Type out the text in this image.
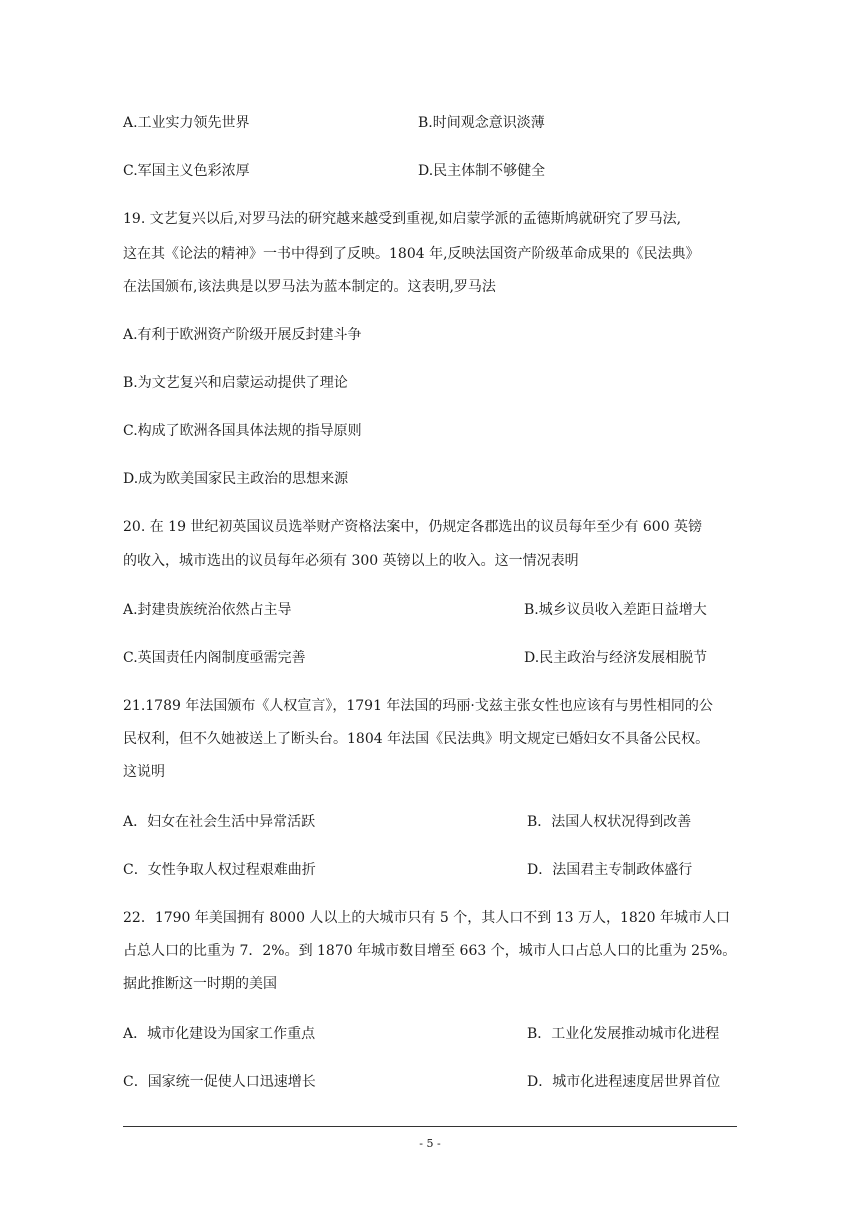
A.工业实力领先世界	B.时间观念意识淡薄
C.军国主义色彩浓厚	D.民主体制不够健全
19. 文艺复兴以后,对罗马法的研究越来越受到重视,如启蒙学派的孟德斯鸠就研究了罗马法,
这在其《论法的精神》一书中得到了反映。1804 年,反映法国资产阶级革命成果的《民法典》
在法国颁布,该法典是以罗马法为蓝本制定的。这表明,罗马法
A.有利于欧洲资产阶级开展反封建斗争
B.为文艺复兴和启蒙运动提供了理论
C.构成了欧洲各国具体法规的指导原则
D.成为欧美国家民主政治的思想来源
20. 在 19 世纪初英国议员选举财产资格法案中，仍规定各郡选出的议员每年至少有 600 英镑
的收入，城市选出的议员每年必须有 300 英镑以上的收入。这一情况表明
A.封建贵族统治依然占主导	B.城乡议员收入差距日益增大
C.英国责任内阁制度亟需完善	D.民主政治与经济发展相脱节
21.1789 年法国颁布《人权宣言》，1791 年法国的玛丽·戈兹主张女性也应该有与男性相同的公
民权利，但不久她被送上了断头台。1804 年法国《民法典》明文规定已婚妇女不具备公民权。
这说明
A．妇女在社会生活中异常活跃	B．法国人权状况得到改善
C．女性争取人权过程艰难曲折	D．法国君主专制政体盛行
22．1790 年美国拥有 8000 人以上的大城市只有 5 个，其人口不到 13 万人，1820 年城市人口
占总人口的比重为 7．2%。到 1870 年城市数目增至 663 个，城市人口占总人口的比重为 25%。
据此推断这一时期的美国
A．城市化建设为国家工作重点	B．工业化发展推动城市化进程
C．国家统一促使人口迅速增长	D．城市化进程速度居世界首位
- 5 -
